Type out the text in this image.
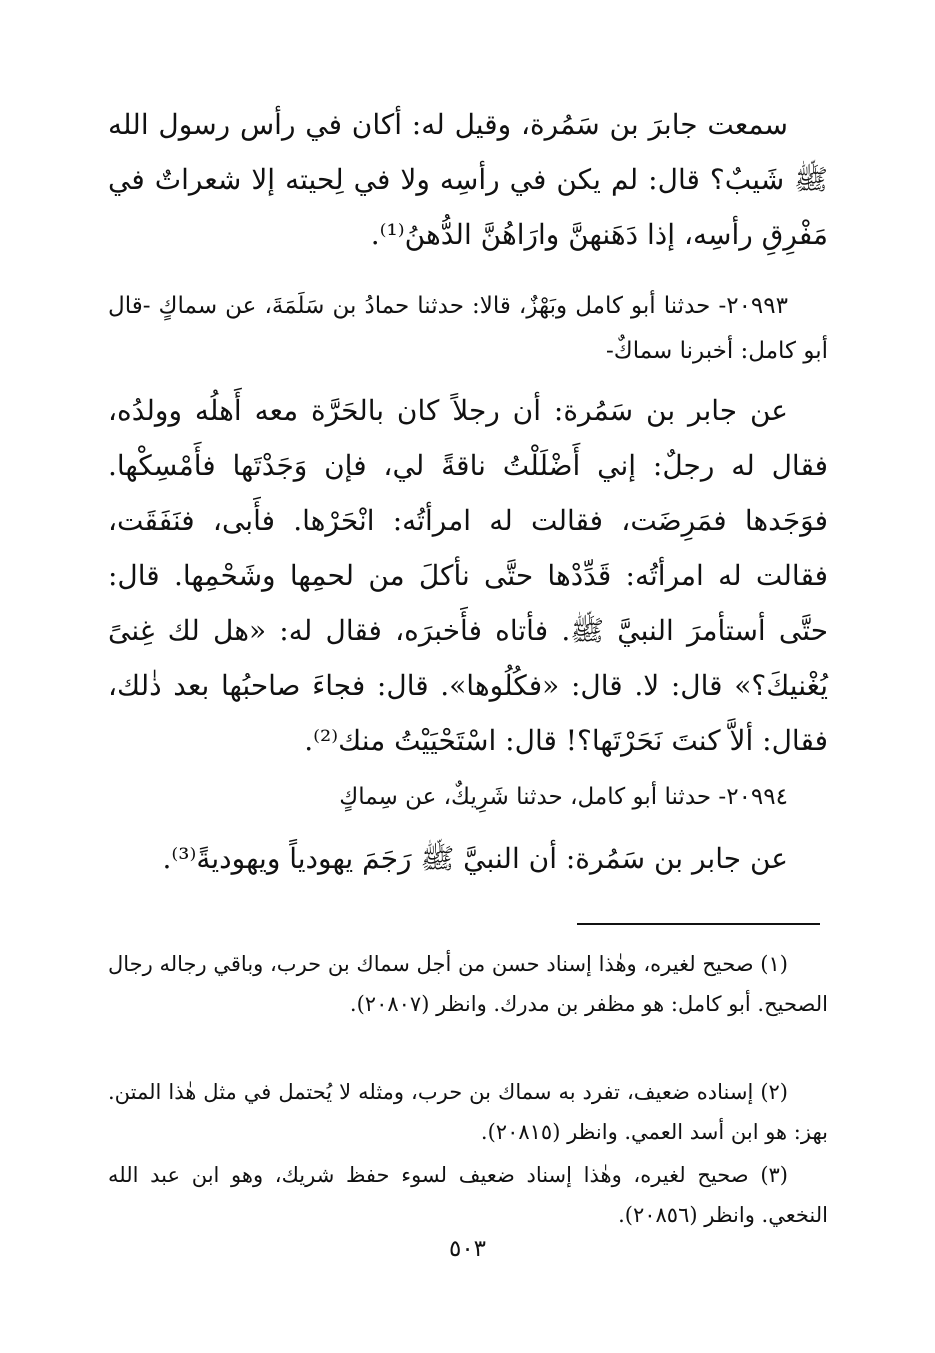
سمعت جابرَ بن سَمُرة، وقيل له: أكان في رأس رسول الله ﷺ شَيبٌ؟ قال: لم يكن في رأسِه ولا في لِحيته إلا شعراتٌ في مَفْرِقِ رأسِه، إذا دَهَنهنَّ وارَاهُنَّ الدُّهنُ⁽¹⁾.

٢٠٩٩٣- حدثنا أبو كامل وبَهْزٌ، قالا: حدثنا حمادُ بن سَلَمَةَ، عن سماكٍ -قال أبو كامل: أخبرنا سماكٌ-

عن جابر بن سَمُرة: أن رجلاً كان بالحَرَّة معه أَهلُه وولدُه، فقال له رجلٌ: إني أَضْلَلْتُ ناقةً لي، فإن وَجَدْتَها فأَمْسِكْها. فوَجَدها فمَرِضَت، فقالت له امرأتُه: انْحَرْها. فأَبى، فنَفَقَت، فقالت له امرأتُه: قَدِّدْها حتَّى نأكلَ من لحمِها وشَحْمِها. قال: حتَّى أستأمرَ النبيَّ ﷺ. فأتاه فأَخبرَه، فقال له: «هل لك غِنىً يُغْنيكَ؟» قال: لا. قال: «فكُلُوها». قال: فجاءَ صاحبُها بعد ذٰلك، فقال: ألاَّ كنتَ نَحَرْتَها؟! قال: اسْتَحْيَيْتُ منك⁽²⁾.

٢٠٩٩٤- حدثنا أبو كامل، حدثنا شَرِيكٌ، عن سِماكٍ

عن جابر بن سَمُرة: أن النبيَّ ﷺ رَجَمَ يهودياً ويهوديةً⁽³⁾.

(١) صحيح لغيره، وهٰذا إسناد حسن من أجل سماك بن حرب، وباقي رجاله رجال الصحيح. أبو كامل: هو مظفر بن مدرك. وانظر (٢٠٨٠٧).

(٢) إسناده ضعيف، تفرد به سماك بن حرب، ومثله لا يُحتمل في مثل هٰذا المتن. بهز: هو ابن أسد العمي. وانظر (٢٠٨١٥).

(٣) صحيح لغيره، وهٰذا إسناد ضعيف لسوء حفظ شريك، وهو ابن عبد الله النخعي. وانظر (٢٠٨٥٦).

٥٠٣
